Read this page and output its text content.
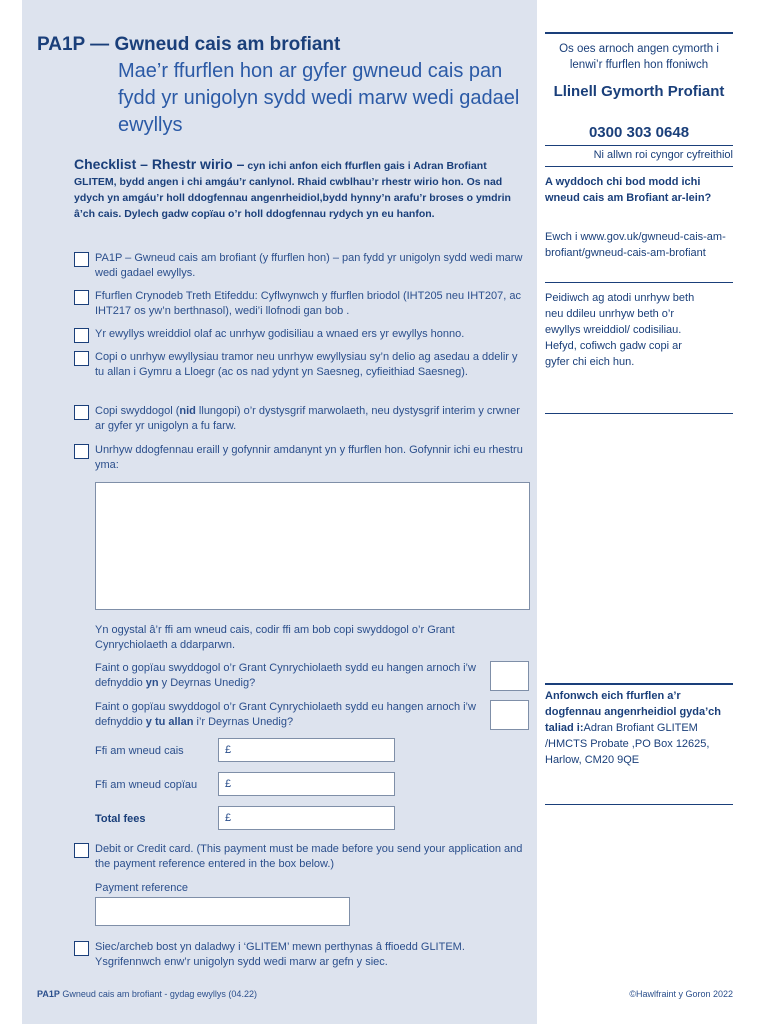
PA1P — Gwneud cais am brofiant
Mae’r ffurflen hon ar gyfer gwneud cais pan fydd yr unigolyn sydd wedi marw wedi gadael ewyllys
Checklist – Rhestr wirio – cyn ichi anfon eich ffurflen gais i Adran Brofiant GLITEM, bydd angen i chi amgáu’r canlynol. Rhaid cwblhau’r rhestr wirio hon. Os nad ydych yn amgáu’r holl ddogfennau angenrheidiol,bydd hynny’n arafu’r broses o ymdrin â’ch cais. Dylech gadw copïau o’r holl ddogfennau rydych yn eu hanfon.
PA1P – Gwneud cais am brofiant (y ffurflen hon) – pan fydd yr unigolyn sydd wedi marw wedi gadael ewyllys.
Ffurflen Crynodeb Treth Etifeddu: Cyflwynwch y ffurflen briodol (IHT205 neu IHT207, ac IHT217 os yw’n berthnasol), wedi’i llofnodi gan bob .
Yr ewyllys wreiddiol olaf ac unrhyw godisiliau a wnaed ers yr ewyllys honno.
Copi o unrhyw ewyllysiau tramor neu unrhyw ewyllysiau sy’n delio ag asedau a ddelir y tu allan i Gymru a Lloegr (ac os nad ydynt yn Saesneg, cyfieithiad Saesneg).
Copi swyddogol (nid llungopi) o’r dystysgrif marwolaeth, neu dystysgrif interim y crwner ar gyfer yr unigolyn a fu farw.
Unrhyw ddogfennau eraill y gofynnir amdanynt yn y ffurflen hon. Gofynnir ichi eu rhestru yma:
Yn ogystal â’r ffi am wneud cais, codir ffi am bob copi swyddogol o’r Grant Cynrychiolaeth a ddarparwn.
Faint o gopïau swyddogol o’r Grant Cynrychiolaeth sydd eu hangen arnoch i’w defnyddio yn y Deyrnas Unedig?
Faint o gopïau swyddogol o’r Grant Cynrychiolaeth sydd eu hangen arnoch i’w defnyddio y tu allan i’r Deyrnas Unedig?
Ffi am wneud cais	£
Ffi am wneud copïau	£
Total fees	£
Debit or Credit card. (This payment must be made before you send your application and the payment reference entered in the box below.)
Payment reference
Siec/archeb bost yn daladwy i ‘GLITEM’ mewn perthynas â ffioedd GLITEM. Ysgrifennwch enw’r unigolyn sydd wedi marw ar gefn y siec.
PA1P Gwneud cais am brofiant - gydag ewyllys (04.22)	©Hawlfraint y Goron 2022
Os oes arnoch angen cymorth i lenwi’r ffurflen hon ffoniwch
Llinell Gymorth Profiant
0300 303 0648
Ni allwn roi cyngor cyfreithiol
A wyddoch chi bod modd ichi wneud cais am Brofiant ar-lein?
Ewch i www.gov.uk/gwneud-cais-am-brofiant/gwneud-cais-am-brofiant
Peidiwch ag atodi unrhyw beth neu ddileu unrhyw beth o’r ewyllys wreiddiol/ codisiliau. Hefyd, cofiwch gadw copi ar gyfer chi eich hun.
Anfonwch eich ffurflen a’r dogfennau angenrheidiol gyda’ch taliad i:Adran Brofiant GLITEM /HMCTS Probate ,PO Box 12625, Harlow, CM20 9QE
